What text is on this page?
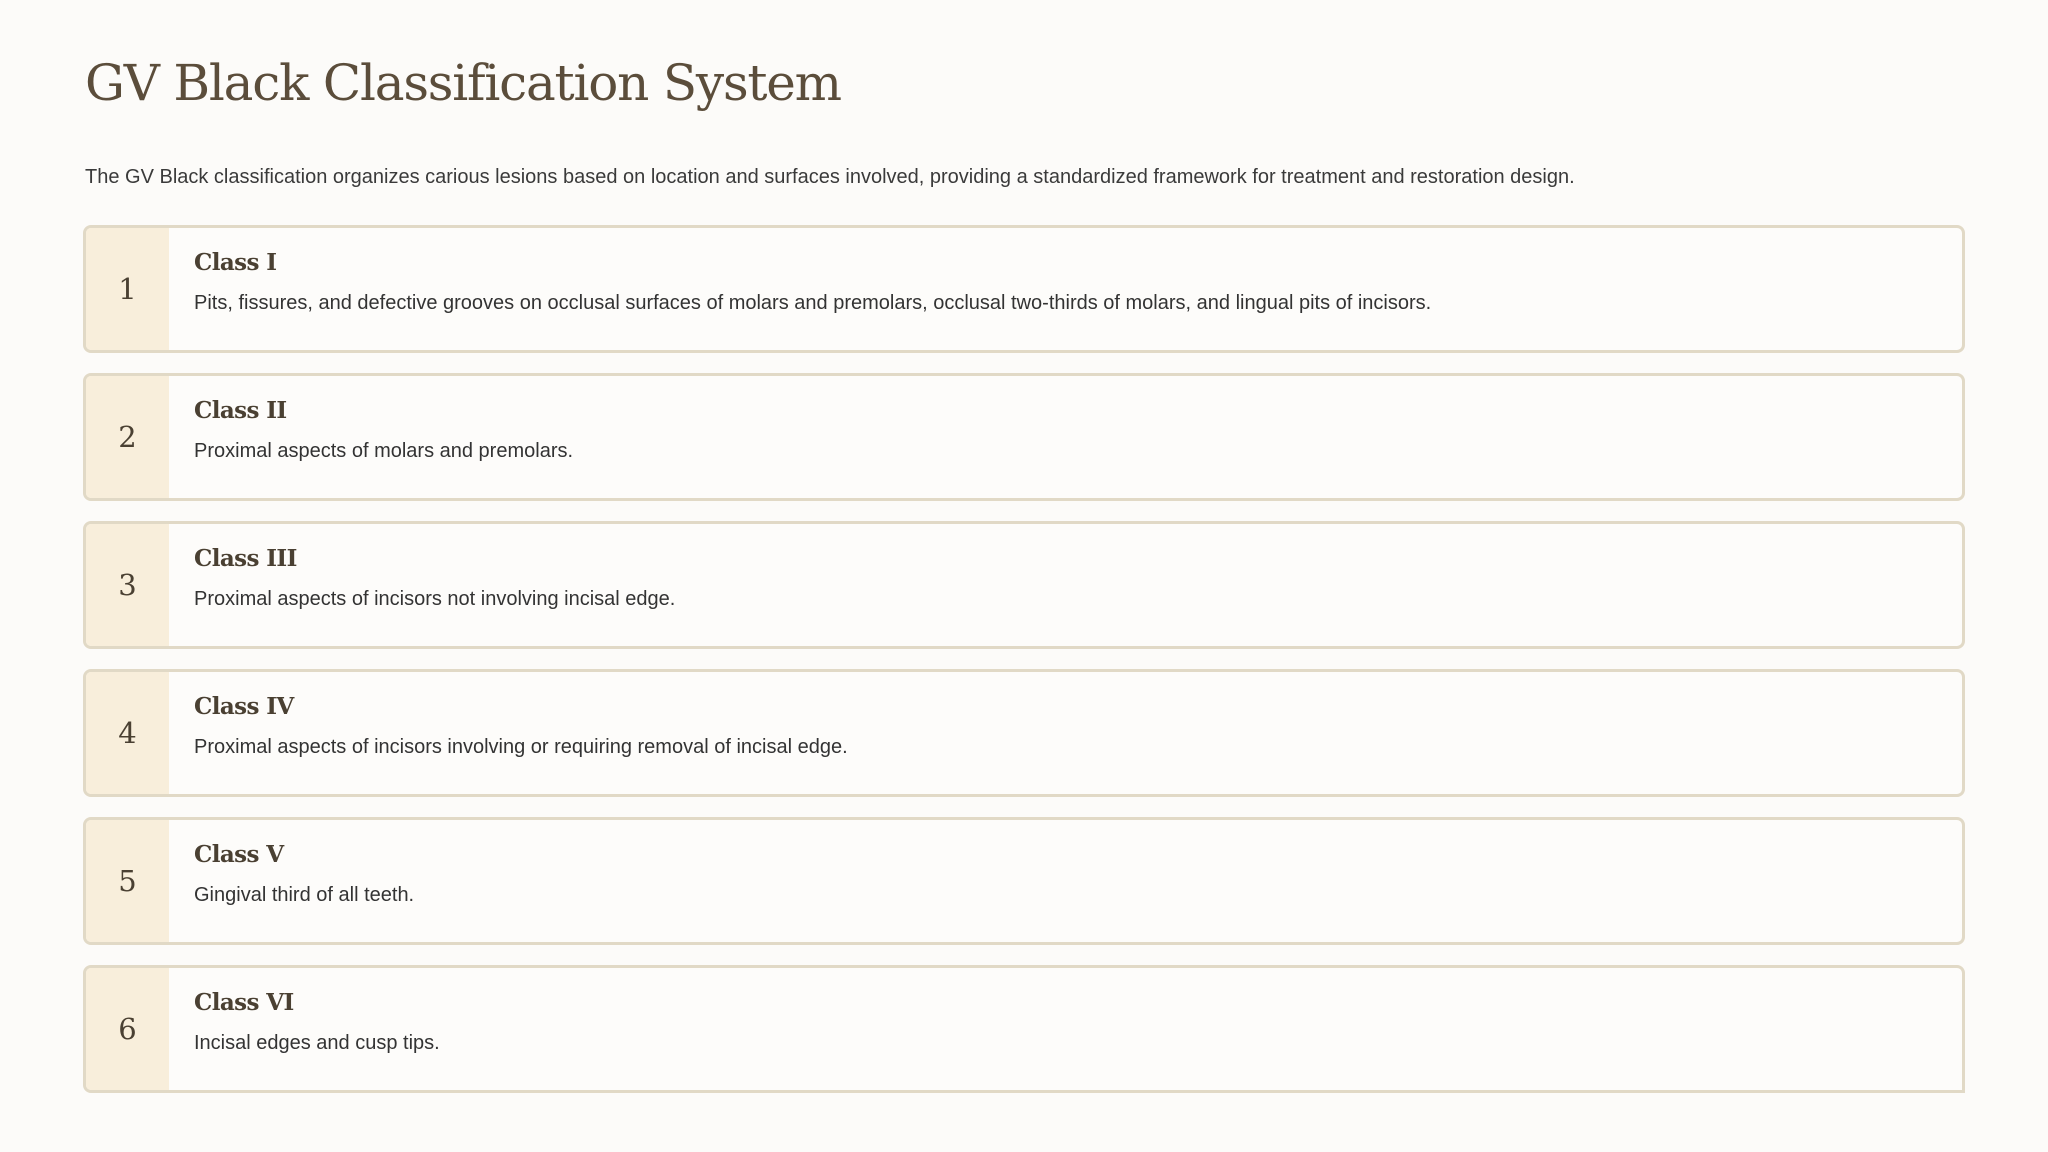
GV Black Classification System

The GV Black classification organizes carious lesions based on location and surfaces involved, providing a standardized framework for treatment and restoration design.

1
Class I

Pits, fissures, and defective grooves on occlusal surfaces of molars and premolars, occlusal two-thirds of molars, and lingual pits of incisors.

2
Class II

Proximal aspects of molars and premolars.

3
Class III

Proximal aspects of incisors not involving incisal edge.

4
Class IV

Proximal aspects of incisors involving or requiring removal of incisal edge.

5
Class V

Gingival third of all teeth.

6
Class VI

Incisal edges and cusp tips.
